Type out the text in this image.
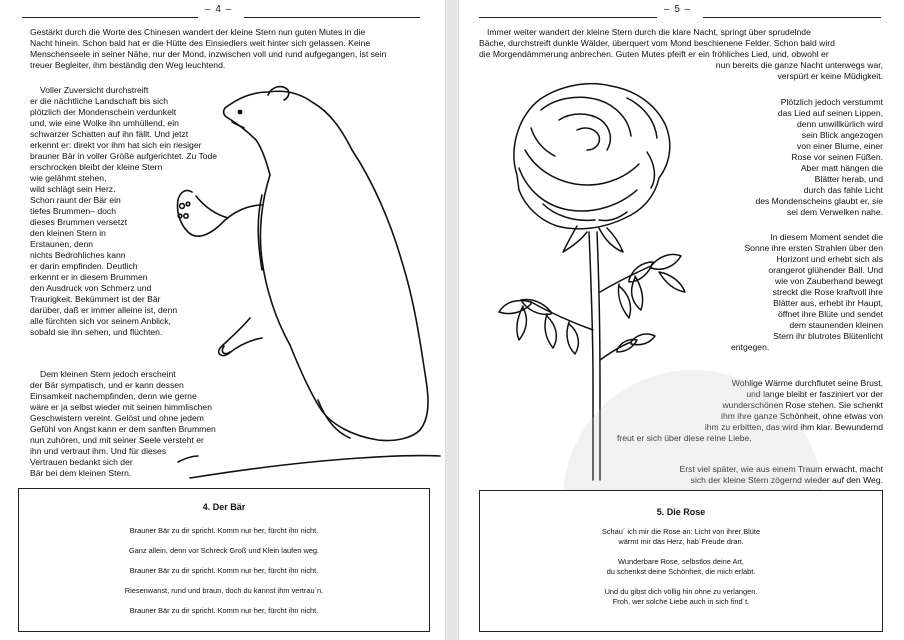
– 4 –

Gestärkt durch die Worte des Chinesen wandert der kleine Stern nun guten Mutes in die

Nacht hinein. Schon bald hat er die Hütte des Einsiedlers weit hinter sich gelassen. Keine

Menschenseele in seiner Nähe, nur der Mond, inzwischen voll und rund aufgegangen, ist sein

treuer Begleiter, ihm beständig den Weg leuchtend.

Voller Zuversicht durchstreift

er die nächtliche Landschaft bis sich

plötzlich der Mondenschein verdunkelt

und, wie eine Wolke ihn umhüllend, ein

schwarzer Schatten auf ihn fällt. Und jetzt

erkennt er: direkt vor ihm hat sich ein riesiger

brauner Bär in voller Größe aufgerichtet. Zu Tode

erschrocken bleibt der kleine Stern

wie gelähmt stehen,

wild schlägt sein Herz.

Schon raunt der Bär ein

tiefes Brummen– doch

dieses Brummen versetzt

den kleinen Stern in

Erstaunen, denn

nichts Bedrohliches kann

er darin empfinden. Deutlich

erkennt er in diesem Brummen

den Ausdruck von Schmerz und

Traurigkeit. Bekümmert ist der Bär

darüber, daß er immer alleine ist, denn

alle fürchten sich vor seinem Anblick,

sobald sie ihn sehen, und flüchten.

Dem kleinen Stern jedoch erscheint

der Bär sympatisch, und er kann dessen

Einsamkeit nachempfinden, denn wie gerne

wäre er ja selbst wieder mit seinen himmlischen

Geschwistern vereint. Gelöst und ohne jedem

Gefühl von Angst kann er dem sanften Brummen

nun zuhören, und mit seiner Seele versteht er

ihn und vertraut ihm. Und für dieses

Vertrauen bedankt sich der

Bär bei dem kleinen Stern.

4. Der Bär
Brauner Bär zu dir spricht. Komm nur her, fürcht ihn nicht.
Ganz allein, denn vor Schreck Groß und Klein laufen weg.
Brauner Bär zu dir spricht. Komm nur her, fürcht ihn nicht.
Riesenwanst, rund und braun, doch du kannst ihm vertrau´n.
Brauner Bär zu dir spricht. Komm nur her, fürcht ihn nicht.
– 5 –

Immer weiter wandert der kleine Stern durch die klare Nacht, springt über sprudelnde

Bäche, durchstreift dunkle Wälder, überquert vom Mond beschienene Felder. Schon bald wird

die Morgendämmerung anbrechen. Guten Mutes pfeift er ein fröhliches Lied, und, obwohl er

nun bereits die ganze Nacht unterwegs war,

verspürt er keine Müdigkeit.

Plötzlich jedoch verstummt

das Lied auf seinen Lippen,

denn unwillkürlich wird

sein Blick angezogen

von einer Blume, einer

Rose vor seinen Füßen.

Aber matt hängen die

Blätter herab, und

durch das fahle Licht

des Mondenscheins glaubt er, sie

sei dem Verwelken nahe.

In diesem Moment sendet die

Sonne ihre ersten Strahlen über den

Horizont und erhebt sich als

orangerot glühender Ball. Und

wie von Zauberhand bewegt

streckt die Rose kraftvoll ihre

Blätter aus, erhebt ihr Haupt,

öffnet ihre Blüte und sendet

dem staunenden kleinen

Stern ihr blutrotes Blütenlicht

entgegen.

Wohlige Wärme durchflutet seine Brust,

und lange bleibt er fasziniert vor der

wunderschönen Rose stehen. Sie schenkt

ihm ihre ganze Schönheit, ohne etwas von

ihm zu erbitten, das wird ihm klar. Bewundernd

freut er sich über diese reine Liebe.

Erst viel später, wie aus einem Traum erwacht, macht

sich der kleine Stern zögernd wieder auf den Weg.

5. Die Rose
Schau´ ich mir die Rose an: Licht von ihrer Blüte
wärmt mir das Herz, hab´Freude dran.
Wunderbare Rose, selbstlos deine Art,
du schenkst deine Schönheit, die mich erlabt.
Und du gibst dich völlig hin ohne zu verlangen.
Froh, wer solche Liebe auch in sich find´t.
